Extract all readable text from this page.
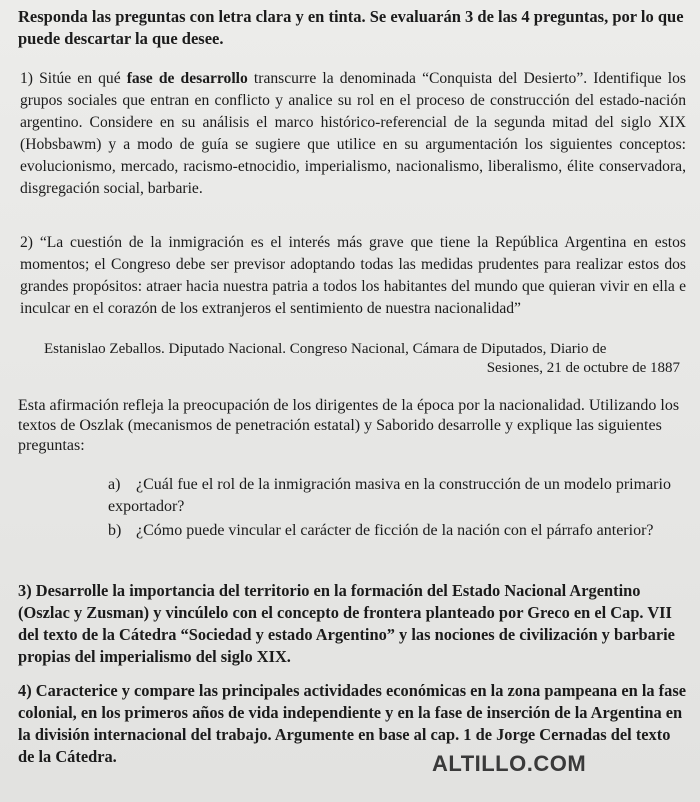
Responda las preguntas con letra clara y en tinta. Se evaluarán 3 de las 4 preguntas, por lo que puede descartar la que desee.

1) Sitúe en qué fase de desarrollo transcurre la denominada “Conquista del Desierto”. Identifique los grupos sociales que entran en conflicto y analice su rol en el proceso de construcción del estado-nación argentino. Considere en su análisis el marco histórico-referencial de la segunda mitad del siglo XIX (Hobsbawm) y a modo de guía se sugiere que utilice en su argumentación los siguientes conceptos: evolucionismo, mercado, racismo-etnocidio, imperialismo, nacionalismo, liberalismo, élite conservadora, disgregación social, barbarie.

2) “La cuestión de la inmigración es el interés más grave que tiene la República Argentina en estos momentos; el Congreso debe ser previsor adoptando todas las medidas prudentes para realizar estos dos grandes propósitos: atraer hacia nuestra patria a todos los habitantes del mundo que quieran vivir en ella e inculcar en el corazón de los extranjeros el sentimiento de nuestra nacionalidad”

Estanislao Zeballos. Diputado Nacional. Congreso Nacional, Cámara de Diputados, Diario de
Sesiones, 21 de octubre de 1887

Esta afirmación refleja la preocupación de los dirigentes de la época por la nacionalidad. Utilizando los textos de Oszlak (mecanismos de penetración estatal) y Saborido desarrolle y explique las siguientes preguntas:

a) ¿Cuál fue el rol de la inmigración masiva en la construcción de un modelo primario exportador?

b) ¿Cómo puede vincular el carácter de ficción de la nación con el párrafo anterior?

3) Desarrolle la importancia del territorio en la formación del Estado Nacional Argentino (Oszlac y Zusman) y vincúlelo con el concepto de frontera planteado por Greco en el Cap. VII del texto de la Cátedra “Sociedad y estado Argentino” y las nociones de civilización y barbarie propias del imperialismo del siglo XIX.

4) Caracterice y compare las principales actividades económicas en la zona pampeana en la fase colonial, en los primeros años de vida independiente y en la fase de inserción de la Argentina en la división internacional del trabajo. Argumente en base al cap. 1 de Jorge Cernadas del texto de la Cátedra.	ALTILLO.COM
